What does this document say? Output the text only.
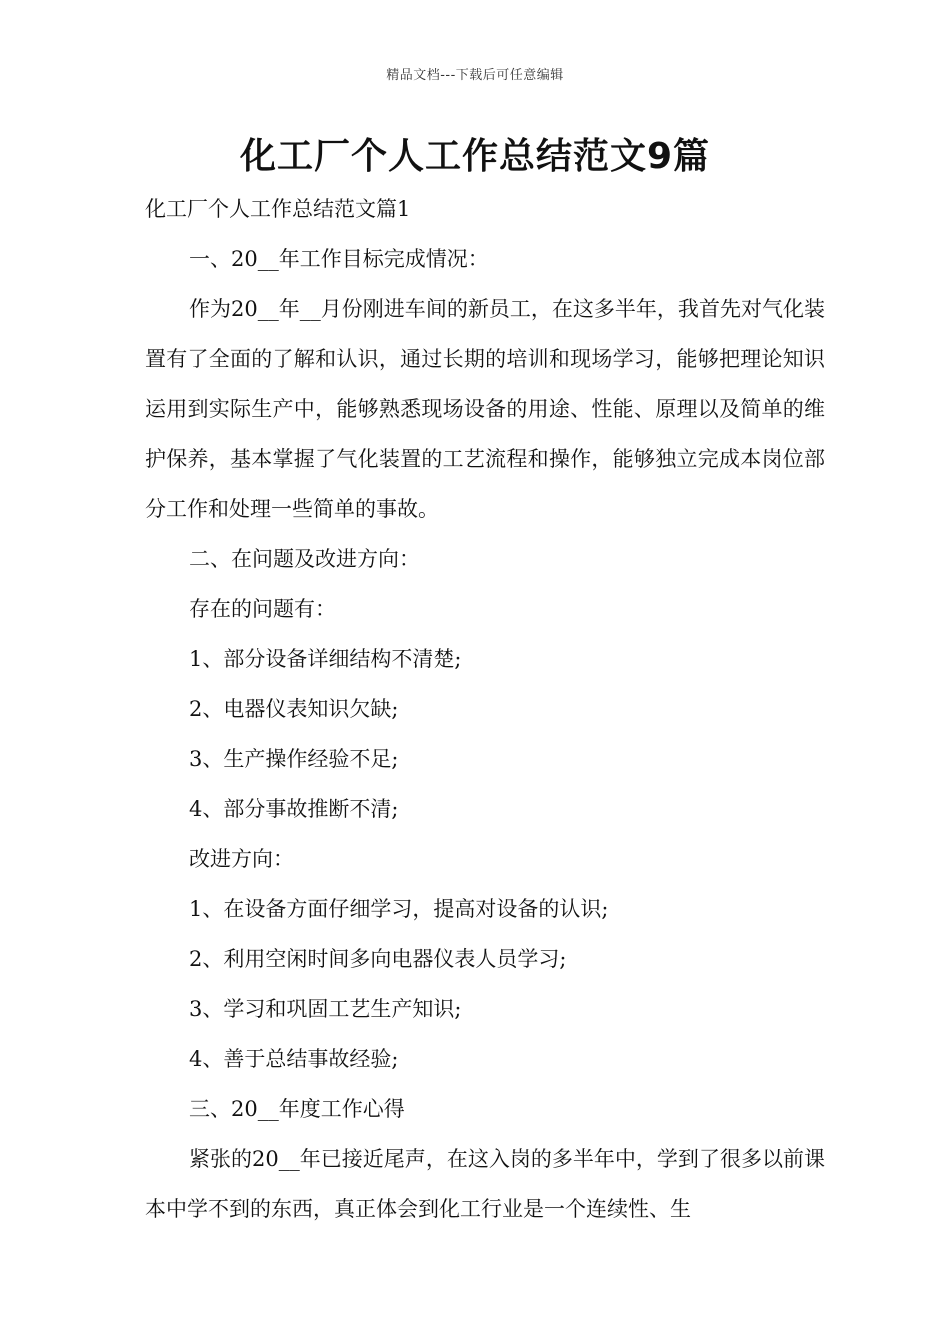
精品文档---下载后可任意编辑
化工厂个人工作总结范文9篇

化工厂个人工作总结范文篇1

一、20__年工作目标完成情况：

作为20__年__月份刚进车间的新员工，在这多半年，我首先对气化装置有了全面的了解和认识，通过长期的培训和现场学习，能够把理论知识运用到实际生产中，能够熟悉现场设备的用途、性能、原理以及简单的维护保养，基本掌握了气化装置的工艺流程和操作，能够独立完成本岗位部分工作和处理一些简单的事故。

二、在问题及改进方向：

存在的问题有：

1、部分设备详细结构不清楚;

2、电器仪表知识欠缺;

3、生产操作经验不足;

4、部分事故推断不清;

改进方向：

1、在设备方面仔细学习，提高对设备的认识;

2、利用空闲时间多向电器仪表人员学习;

3、学习和巩固工艺生产知识;

4、善于总结事故经验;

三、20__年度工作心得

紧张的20__年已接近尾声，在这入岗的多半年中，学到了很多以前课本中学不到的东西，真正体会到化工行业是一个连续性、生
